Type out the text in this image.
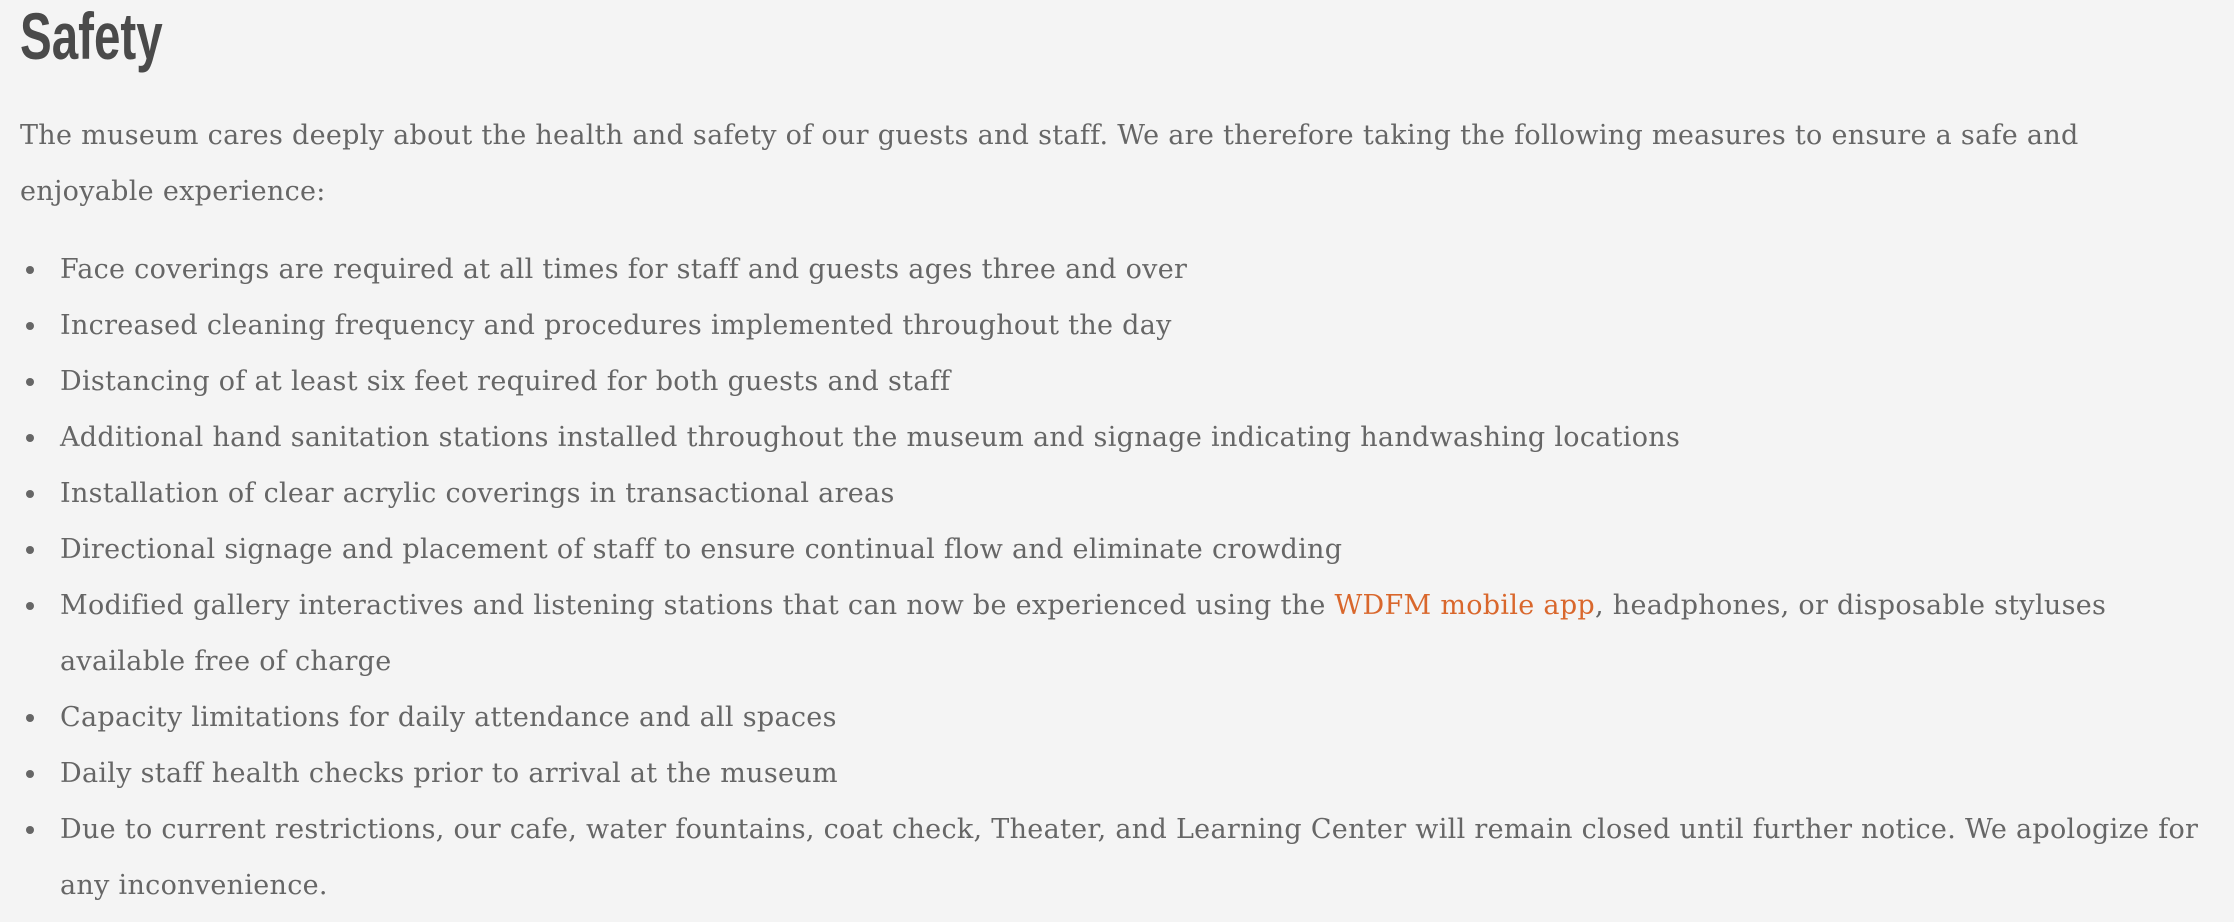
Safety

The museum cares deeply about the health and safety of our guests and staff. We are therefore taking the following measures to ensure a safe and enjoyable experience:

Face coverings are required at all times for staff and guests ages three and over
Increased cleaning frequency and procedures implemented throughout the day
Distancing of at least six feet required for both guests and staff
Additional hand sanitation stations installed throughout the museum and signage indicating handwashing locations
Installation of clear acrylic coverings in transactional areas
Directional signage and placement of staff to ensure continual flow and eliminate crowding
Modified gallery interactives and listening stations that can now be experienced using the WDFM mobile app, headphones, or disposable styluses available free of charge
Capacity limitations for daily attendance and all spaces
Daily staff health checks prior to arrival at the museum
Due to current restrictions, our cafe, water fountains, coat check, Theater, and Learning Center will remain closed until further notice. We apologize for any inconvenience.
